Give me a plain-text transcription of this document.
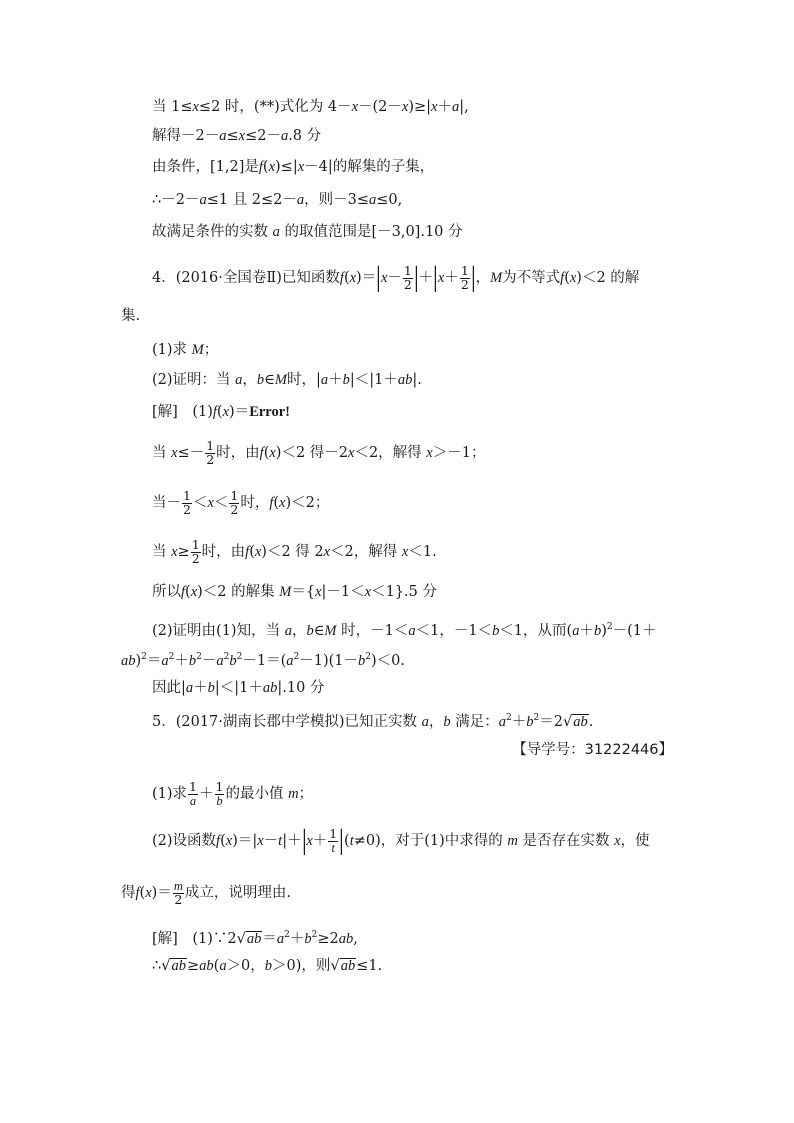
当 1≤x≤2 时，(**)式化为 4－x－(2－x)≥|x＋a|,
解得－2－a≤x≤2－a.8 分
由条件，[1,2]是f(x)≤|x－4|的解集的子集，
∴－2－a≤1 且 2≤2－a，则－3≤a≤0,
故满足条件的实数 a 的取值范围是[－3,0].10 分
4．(2016·全国卷Ⅱ)已知函数$f(x)=|x- \frac{1}{2} |+|x+ \frac{1}{2}$ |，M为不等式f(x)＜2 的解
集.
(1)求 M；
(2)证明：当 a，b∈M时，|a＋b|＜|1＋ab|.
[解]　(1)f(x)＝Error!
当 $x\le- \frac{1}{2}$ 时，由f(x)＜2 得－2x＜2，解得 x＞－1；
当－ $\frac{1}{2} <x< \frac{1}{2}$ 时，f(x)＜2；
当 $x\ge \frac{1}{2}$ 时，由f(x)＜2 得 2x＜2，解得 x＜1.
所以f(x)＜2 的解集 M＝{x|－1＜x＜1}.5 分
(2)证明由(1)知，当 a，b∈M 时，－1＜a＜1，－1＜b＜1，从而$(a+b)^2-(1+$
$ab)^2=a^2+b^2-a^2b^2-1=(a^2-1)(1-b^2)<0$.
因此|a＋b|＜|1＋ab|.10 分
5．(2017·湖南长郡中学模拟)已知正实数 a，b 满足：$a^2+b^2=2√ab$.
【导学号：31222446】
(1)求 $\frac{1}{a} + \frac{1}{b}$ 的最小值 m；
(2)设函数$f(x)=|x-t|+|x+ \frac{1}{t} |(t\ne 0)$，对于(1)中求得的 m 是否存在实数 x，使
得$f(x)= \frac{m}{2}$ 成立，说明理由.
[解]　$(1)\because 2√ab=a^2+b^2\ge 2ab$,
∴√ab≥ab(a＞0，b＞0)，则√ab≤1.
